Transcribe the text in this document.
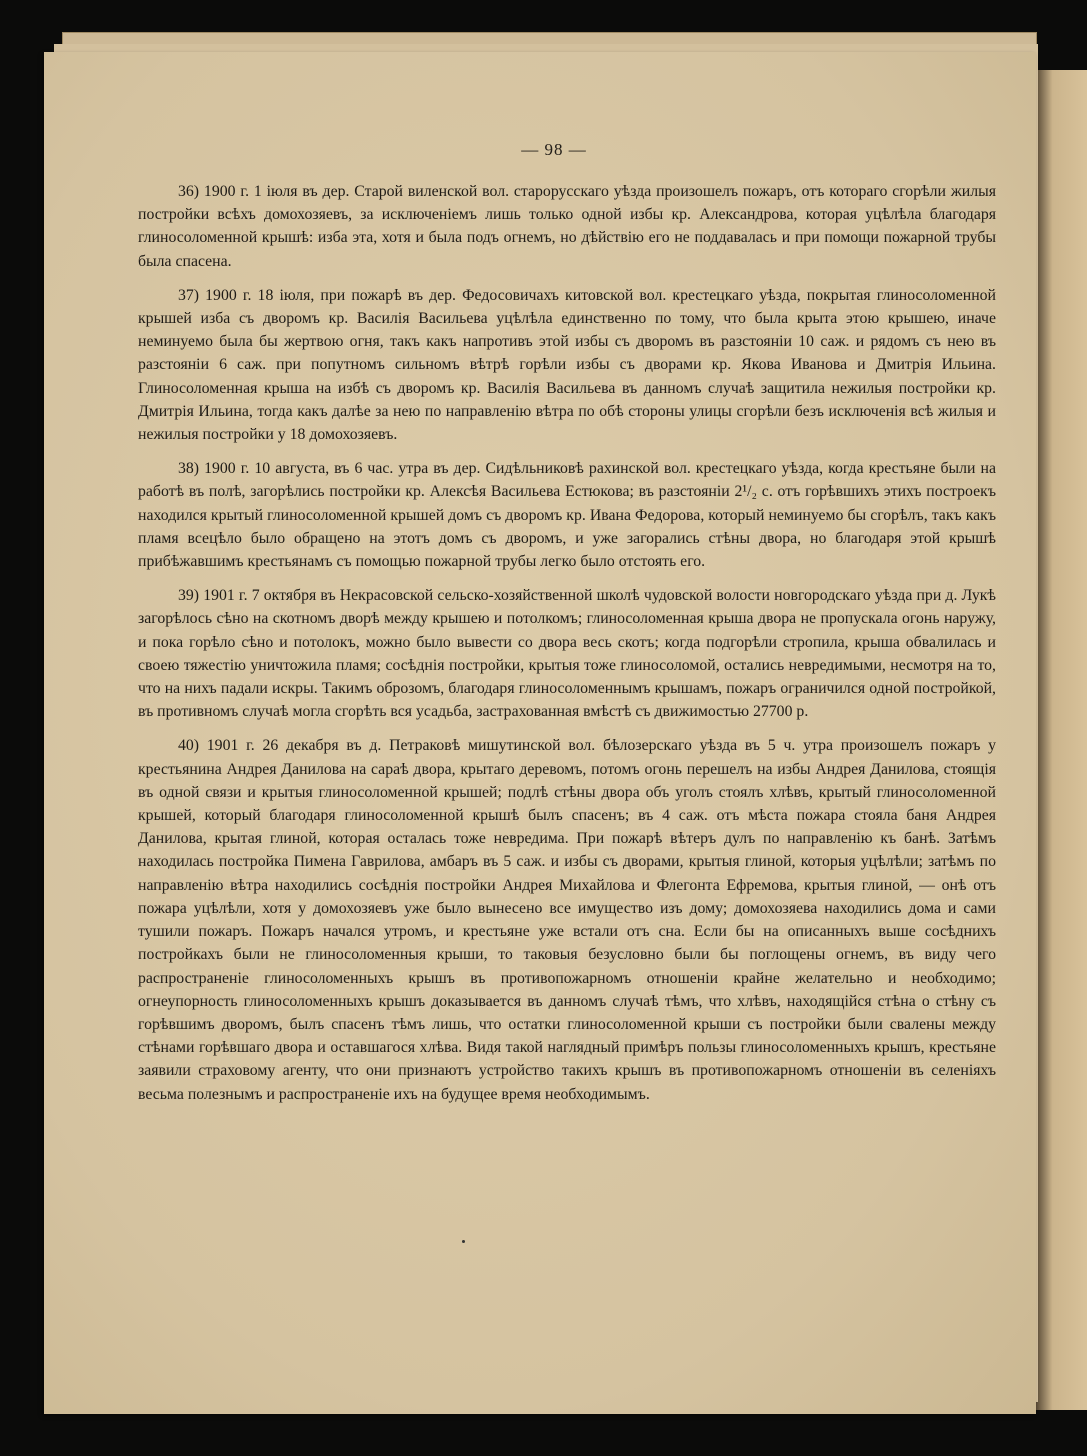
— 98 —

36) 1900 г. 1 іюля въ дер. Старой виленской вол. старорусскаго уѣзда произошелъ пожаръ, отъ котораго сгорѣли жилыя постройки всѣхъ домохозяевъ, за исключеніемъ лишь только одной избы кр. Александрова, которая уцѣлѣла благодаря глиносоломенной крышѣ: изба эта, хотя и была подъ огнемъ, но дѣйствію его не поддавалась и при помощи пожарной трубы была спасена.

37) 1900 г. 18 іюля, при пожарѣ въ дер. Федосовичахъ китовской вол. крестецкаго уѣзда, покрытая глиносоломенной крышей изба съ дворомъ кр. Василія Васильева уцѣлѣла единственно по тому, что была крыта этою крышею, иначе неминуемо была бы жертвою огня, такъ какъ напротивъ этой избы съ дворомъ въ разстояніи 10 саж. и рядомъ съ нею въ разстояніи 6 саж. при попутномъ сильномъ вѣтрѣ горѣли избы съ дворами кр. Якова Иванова и Дмитрія Ильина. Глиносоломенная крыша на избѣ съ дворомъ кр. Василія Васильева въ данномъ случаѣ защитила нежилыя постройки кр. Дмитрія Ильина, тогда какъ далѣе за нею по направленію вѣтра по обѣ стороны улицы сгорѣли безъ исключенія всѣ жилыя и нежилыя постройки у 18 домохозяевъ.

38) 1900 г. 10 августа, въ 6 час. утра въ дер. Сидѣльниковѣ рахинской вол. крестецкаго уѣзда, когда крестьяне были на работѣ въ полѣ, загорѣлись постройки кр. Алексѣя Васильева Естюкова; въ разстояніи 2¹/₂ с. отъ горѣвшихъ этихъ построекъ находился крытый глиносоломенной крышей домъ съ дворомъ кр. Ивана Федорова, который неминуемо бы сгорѣлъ, такъ какъ пламя всецѣло было обращено на этотъ домъ съ дворомъ, и уже загорались стѣны двора, но благодаря этой крышѣ прибѣжавшимъ крестьянамъ съ помощью пожарной трубы легко было отстоять его.

39) 1901 г. 7 октября въ Некрасовской сельско-хозяйственной школѣ чудовской волости новгородскаго уѣзда при д. Лукѣ загорѣлось сѣно на скотномъ дворѣ между крышею и потолкомъ; глиносоломенная крыша двора не пропускала огонь наружу, и пока горѣло сѣно и потолокъ, можно было вывести со двора весь скотъ; когда подгорѣли стропила, крыша обвалилась и своею тяжестію уничтожила пламя; сосѣднія постройки, крытыя тоже глиносоломой, остались невредимыми, несмотря на то, что на нихъ падали искры. Такимъ оброзомъ, благодаря глиносоломеннымъ крышамъ, пожаръ ограничился одной постройкой, въ противномъ случаѣ могла сгорѣть вся усадьба, застрахованная вмѣстѣ съ движимостью 27700 р.

40) 1901 г. 26 декабря въ д. Петраковѣ мишутинской вол. бѣлозерскаго уѣзда въ 5 ч. утра произошелъ пожаръ у крестьянина Андрея Данилова на сараѣ двора, крытаго деревомъ, потомъ огонь перешелъ на избы Андрея Данилова, стоящія въ одной связи и крытыя глиносоломенной крышей; подлѣ стѣны двора объ уголъ стоялъ хлѣвъ, крытый глиносоломенной крышей, который благодаря глиносоломенной крышѣ былъ спасенъ; въ 4 саж. отъ мѣста пожара стояла баня Андрея Данилова, крытая глиной, которая осталась тоже невредима. При пожарѣ вѣтеръ дулъ по направленію къ банѣ. Затѣмъ находилась постройка Пимена Гаврилова, амбаръ въ 5 саж. и избы съ дворами, крытыя глиной, которыя уцѣлѣли; затѣмъ по направленію вѣтра находились сосѣднія постройки Андрея Михайлова и Флегонта Ефремова, крытыя глиной, — онѣ отъ пожара уцѣлѣли, хотя у домохозяевъ уже было вынесено все имущество изъ дому; домохозяева находились дома и сами тушили пожаръ. Пожаръ начался утромъ, и крестьяне уже встали отъ сна. Если бы на описанныхъ выше сосѣднихъ постройкахъ были не глиносоломенныя крыши, то таковыя безусловно были бы поглощены огнемъ, въ виду чего распространеніе глиносоломенныхъ крышъ въ противопожарномъ отношеніи крайне желательно и необходимо; огнеупорность глиносоломенныхъ крышъ доказывается въ данномъ случаѣ тѣмъ, что хлѣвъ, находящійся стѣна о стѣну съ горѣвшимъ дворомъ, былъ спасенъ тѣмъ лишь, что остатки глиносоломенной крыши съ постройки были свалены между стѣнами горѣвшаго двора и оставшагося хлѣва. Видя такой наглядный примѣръ пользы глиносоломенныхъ крышъ, крестьяне заявили страховому агенту, что они признаютъ устройство такихъ крышъ въ противопожарномъ отношеніи въ селеніяхъ весьма полезнымъ и распространеніе ихъ на будущее время необходимымъ.
